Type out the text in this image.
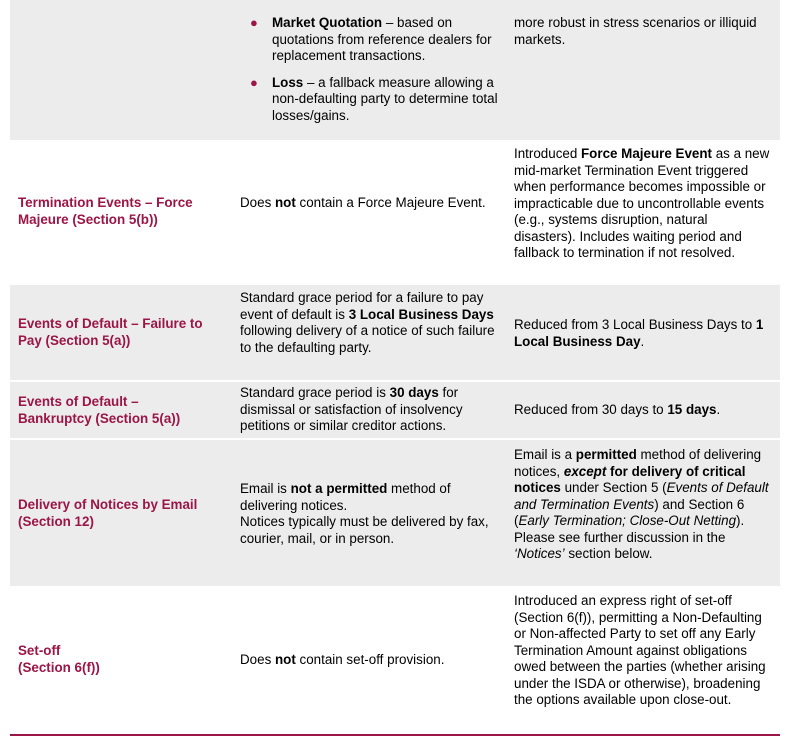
● Market Quotation – based on quotations from reference dealers for replacement transactions.
● Loss – a fallback measure allowing a non-defaulting party to determine total losses/gains.
more robust in stress scenarios or illiquid markets.
Termination Events – Force
Majeure (Section 5(b))
Does not contain a Force Majeure Event.
Introduced Force Majeure Event as a new mid-market Termination Event triggered when performance becomes impossible or impracticable due to uncontrollable events (e.g., systems disruption, natural disasters). Includes waiting period and fallback to termination if not resolved.
Events of Default – Failure to
Pay (Section 5(a))
Standard grace period for a failure to pay event of default is 3 Local Business Days following delivery of a notice of such failure to the defaulting party.
Reduced from 3 Local Business Days to 1 Local Business Day.
Events of Default –
Bankruptcy (Section 5(a))
Standard grace period is 30 days for dismissal or satisfaction of insolvency petitions or similar creditor actions.
Reduced from 30 days to 15 days.
Delivery of Notices by Email
(Section 12)
Email is not a permitted method of delivering notices.
Notices typically must be delivered by fax, courier, mail, or in person.
Email is a permitted method of delivering notices, except for delivery of critical notices under Section 5 (Events of Default and Termination Events) and Section 6 (Early Termination; Close-Out Netting). Please see further discussion in the ‘Notices’ section below.
Set-off
(Section 6(f))	Does not contain set-off provision.
Introduced an express right of set-off (Section 6(f)), permitting a Non-Defaulting or Non-affected Party to set off any Early Termination Amount against obligations owed between the parties (whether arising under the ISDA or otherwise), broadening the options available upon close-out.
